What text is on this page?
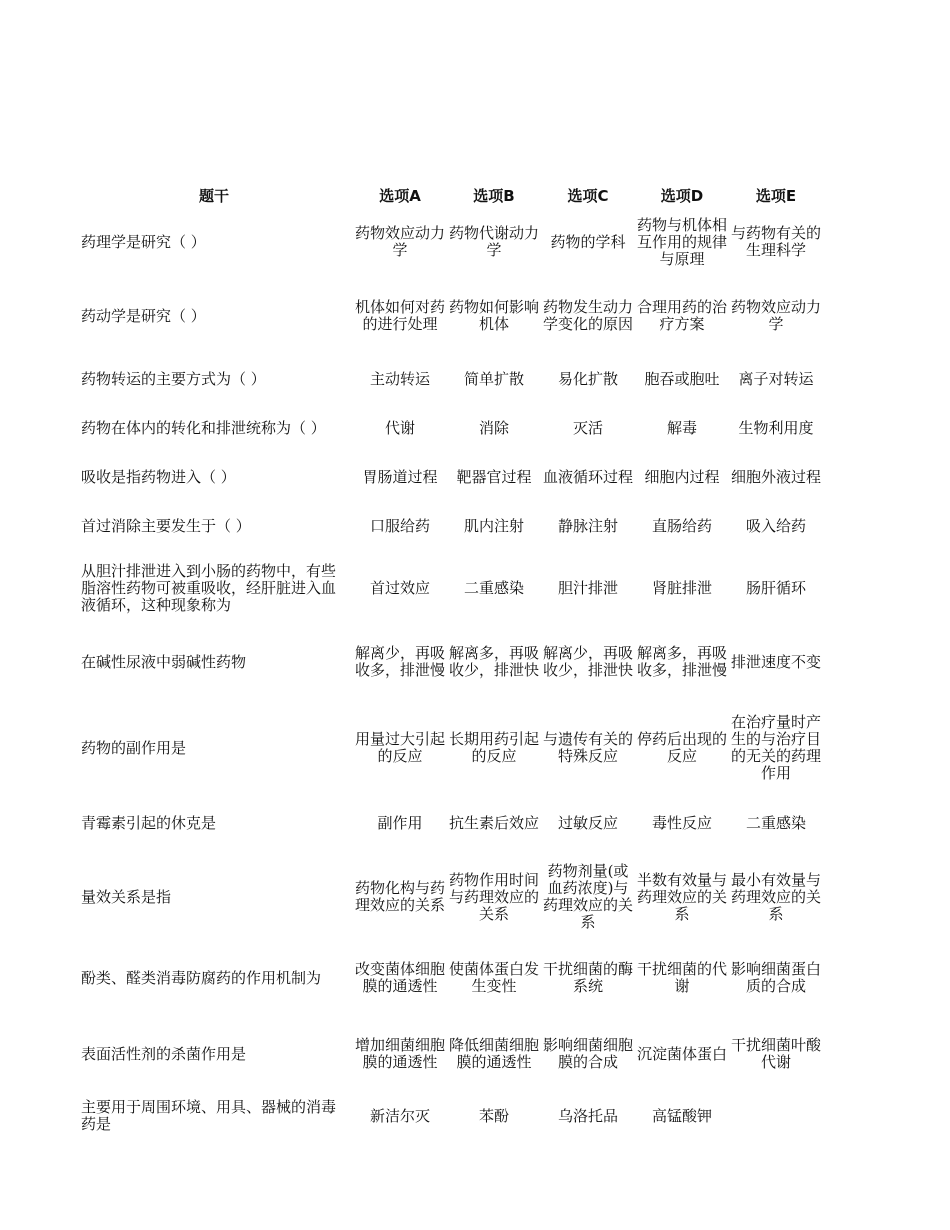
题干	选项A	选项B	选项C	选项D	选项E
药理学是研究（ ）	药物效应动力学	药物代谢动力学	药物的学科	药物与机体相互作用的规律与原理	与药物有关的生理科学
药动学是研究（ ）	机体如何对药的进行处理	药物如何影响机体	药物发生动力学变化的原因	合理用药的治疗方案	药物效应动力学
药物转运的主要方式为（ ）	主动转运	简单扩散	易化扩散	胞吞或胞吐	离子对转运
药物在体内的转化和排泄统称为（ ）	代谢	消除	灭活	解毒	生物利用度
吸收是指药物进入（ ）	胃肠道过程	靶器官过程	血液循环过程	细胞内过程	细胞外液过程
首过消除主要发生于（ ）	口服给药	肌内注射	静脉注射	直肠给药	吸入给药
从胆汁排泄进入到小肠的药物中，有些脂溶性药物可被重吸收，经肝脏进入血液循环，这种现象称为	首过效应	二重感染	胆汁排泄	肾脏排泄	肠肝循环
在碱性尿液中弱碱性药物	解离少，再吸收多，排泄慢	解离多，再吸收少，排泄快	解离少，再吸收少，排泄快	解离多，再吸收多，排泄慢	排泄速度不变
药物的副作用是	用量过大引起的反应	长期用药引起的反应	与遗传有关的特殊反应	停药后出现的反应	在治疗量时产生的与治疗目的无关的药理作用
青霉素引起的休克是	副作用	抗生素后效应	过敏反应	毒性反应	二重感染
量效关系是指	药物化构与药理效应的关系	药物作用时间与药理效应的关系	药物剂量(或血药浓度)与药理效应的关系	半数有效量与药理效应的关系	最小有效量与药理效应的关系
酚类、醛类消毒防腐药的作用机制为	改变菌体细胞膜的通透性	使菌体蛋白发生变性	干扰细菌的酶系统	干扰细菌的代谢	影响细菌蛋白质的合成
表面活性剂的杀菌作用是	增加细菌细胞膜的通透性	降低细菌细胞膜的通透性	影响细菌细胞膜的合成	沉淀菌体蛋白	干扰细菌叶酸代谢
主要用于周围环境、用具、器械的消毒药是	新洁尔灭	苯酚	乌洛托品	高锰酸钾	
